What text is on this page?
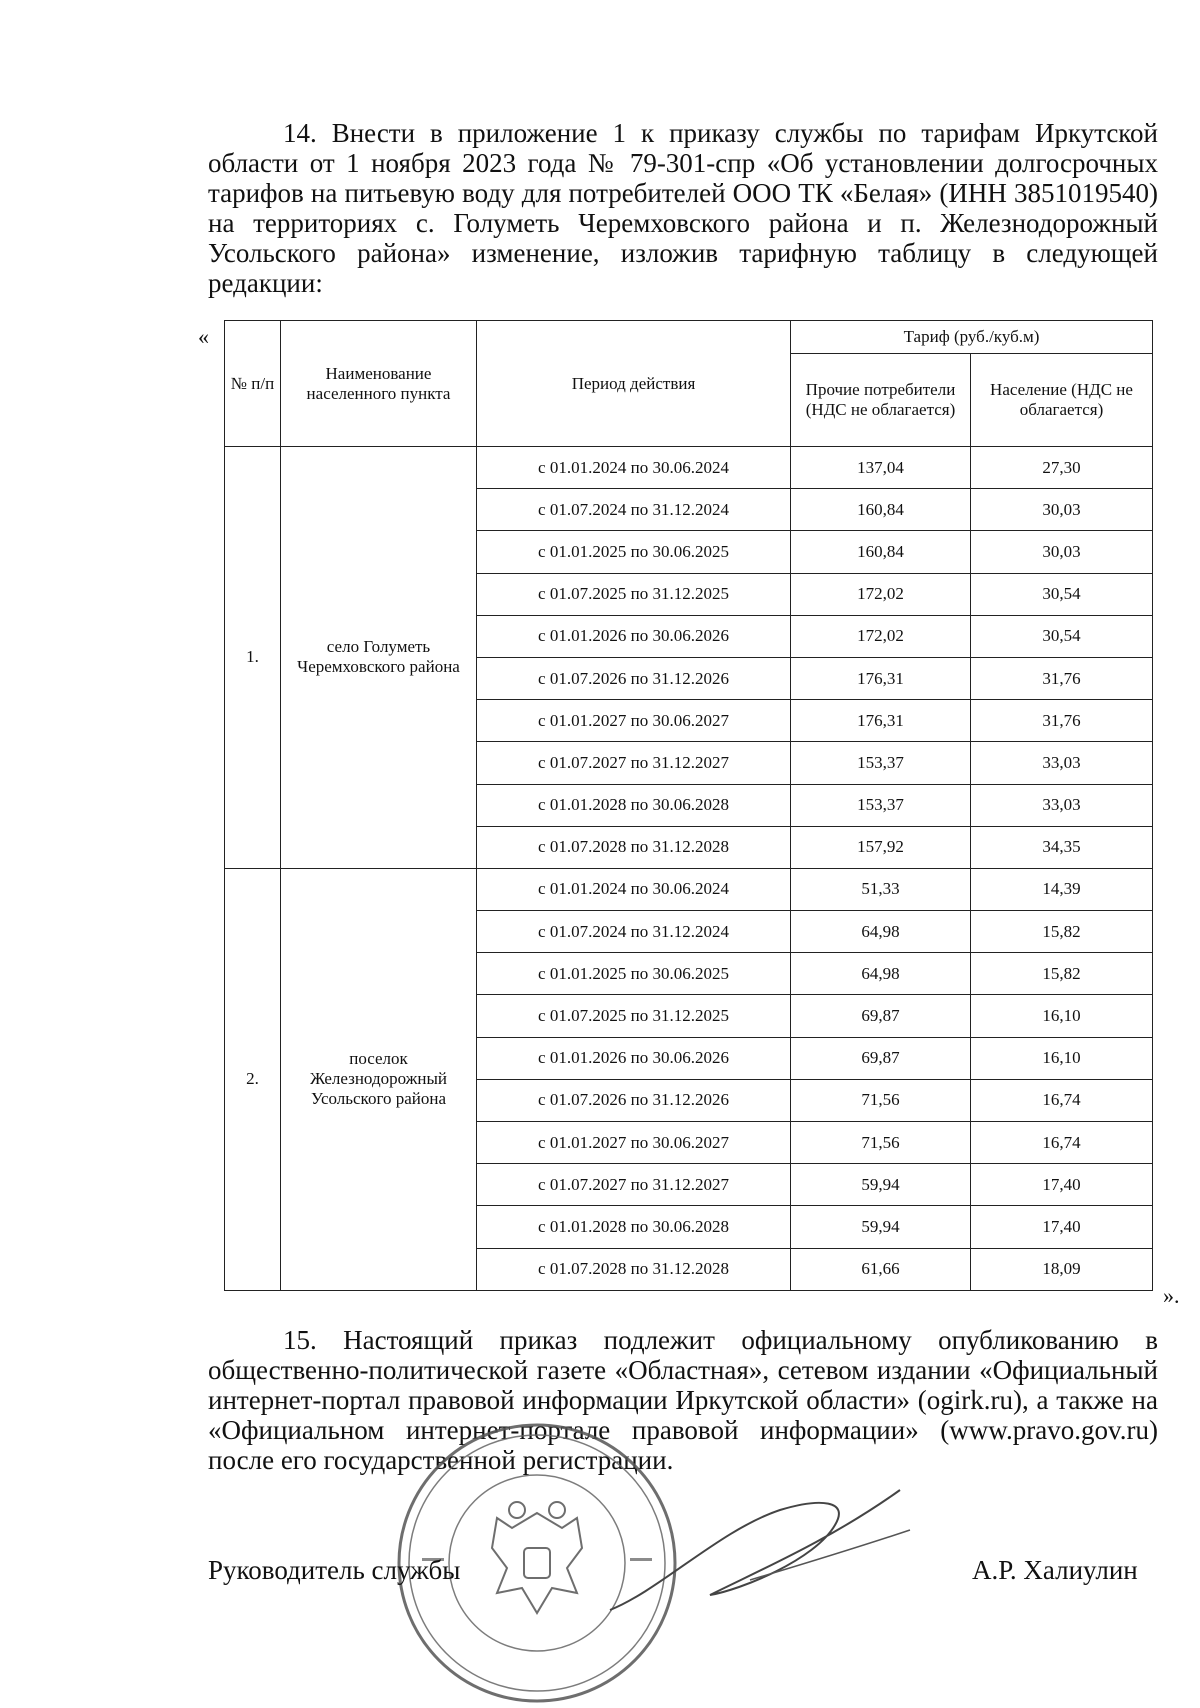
14. Внести в приложение 1 к приказу службы по тарифам Иркутской области от 1 ноября 2023 года № 79-301-спр «Об установлении долгосрочных тарифов на питьевую воду для потребителей ООО ТК «Белая» (ИНН 3851019540) на территориях с. Голуметь Черемховского района и п. Железнодорожный Усольского района» изменение, изложив тарифную таблицу в следующей редакции:
«
№ п/п	Наименование населенного пункта	Период действия	Тариф (руб./куб.м)	
			Прочие потребители (НДС не облагается)	Население (НДС не облагается)
1.	село Голуметь Черемховского района	с 01.01.2024 по 30.06.2024	137,04	27,30
		с 01.07.2024 по 31.12.2024	160,84	30,03
		с 01.01.2025 по 30.06.2025	160,84	30,03
		с 01.07.2025 по 31.12.2025	172,02	30,54
		с 01.01.2026 по 30.06.2026	172,02	30,54
		с 01.07.2026 по 31.12.2026	176,31	31,76
		с 01.01.2027 по 30.06.2027	176,31	31,76
		с 01.07.2027 по 31.12.2027	153,37	33,03
		с 01.01.2028 по 30.06.2028	153,37	33,03
		с 01.07.2028 по 31.12.2028	157,92	34,35
2.	поселок Железнодорожный Усольского района	с 01.01.2024 по 30.06.2024	51,33	14,39
		с 01.07.2024 по 31.12.2024	64,98	15,82
		с 01.01.2025 по 30.06.2025	64,98	15,82
		с 01.07.2025 по 31.12.2025	69,87	16,10
		с 01.01.2026 по 30.06.2026	69,87	16,10
		с 01.07.2026 по 31.12.2026	71,56	16,74
		с 01.01.2027 по 30.06.2027	71,56	16,74
		с 01.07.2027 по 31.12.2027	59,94	17,40
		с 01.01.2028 по 30.06.2028	59,94	17,40
		с 01.07.2028 по 31.12.2028	61,66	18,09
».
15. Настоящий приказ подлежит официальному опубликованию в общественно-политической газете «Областная», сетевом издании «Официальный интернет-портал правовой информации Иркутской области» (ogirk.ru), а также на «Официальном интернет-портале правовой информации» (www.pravo.gov.ru) после его государственной регистрации.
Руководитель службы	А.Р. Халиулин
